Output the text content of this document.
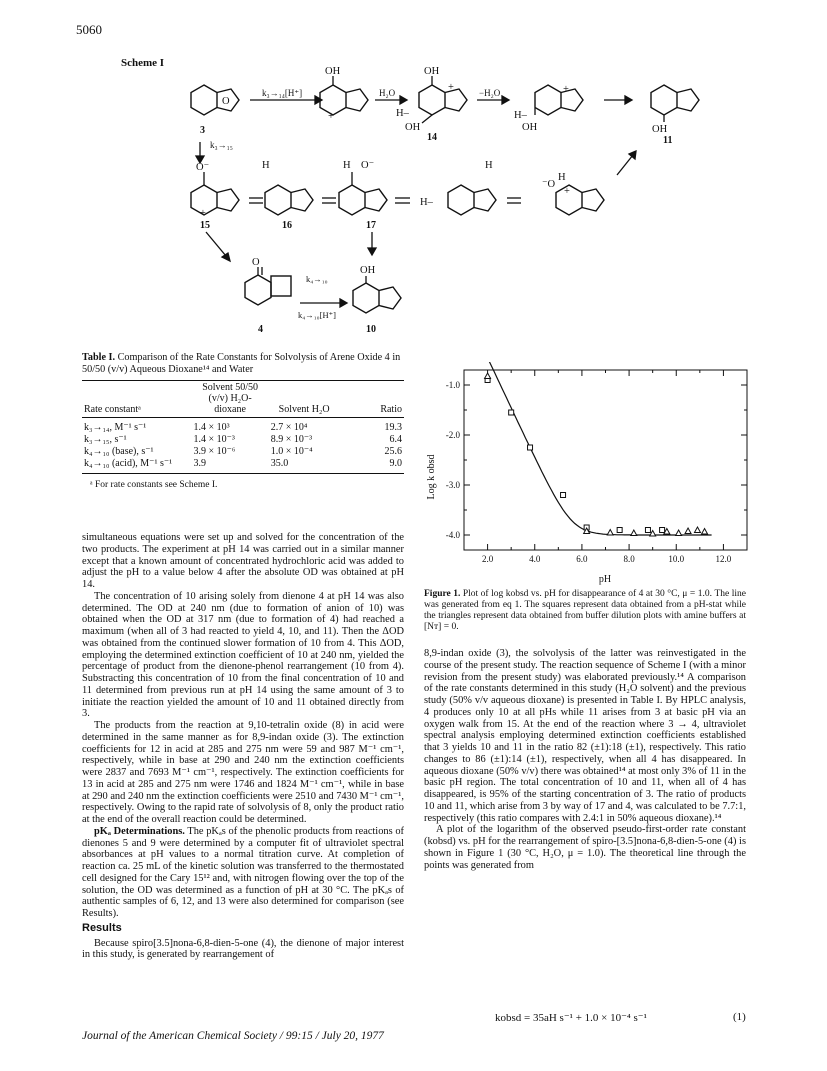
5060
Scheme I
k₃→₁₄[H⁺]	H₂O	−H₂O
k₃→₁₅
k₄→₁₀
k₄→₁₀[H⁺]
OH	OH
OH
H–	H–
OH	OH
O
+
+	+
O⁻	H	H O⁻
H–
H
⁻O
H
+
+
O
OH
3
14	11
15	16	17
4	10
Table I. Comparison of the Rate Constants for Solvolysis of Arene Oxide 4 in 50/50 (v/v) Aqueous Dioxane¹⁴ and Water
Rate constantᵃ	Solvent 50/50 (v/v) H₂O-dioxane	Solvent H₂O	Ratio
k₃→₁₄, M⁻¹ s⁻¹	1.4 × 10³	2.7 × 10⁴	19.3
k₃→₁₅, s⁻¹	1.4 × 10⁻³	8.9 × 10⁻³	6.4
k₄→₁₀ (base), s⁻¹	3.9 × 10⁻⁶	1.0 × 10⁻⁴	25.6
k₄→₁₀ (acid), M⁻¹ s⁻¹	3.9	35.0	9.0
ᵃ For rate constants see Scheme I.

simultaneous equations were set up and solved for the concentration of the two products. The experiment at pH 14 was carried out in a similar manner except that a known amount of concentrated hydrochloric acid was added to adjust the pH to a value below 4 after the absolute OD was obtained at pH 14.

The concentration of 10 arising solely from dienone 4 at pH 14 was also determined. The OD at 240 nm (due to formation of anion of 10) was obtained when the OD at 317 nm (due to formation of 4) had reached a maximum (when all of 3 had reacted to yield 4, 10, and 11). Then the ΔOD was obtained from the continued slower formation of 10 from 4. This ΔOD, employing the determined extinction coefficient of 10 at 240 nm, yielded the percentage of product from the dienone-phenol rearrangement (10 from 4). Substracting this concentration of 10 from the final concentration of 10 and 11 determined from previous run at pH 14 using the same amount of 3 to initiate the reaction yielded the amount of 10 and 11 obtained directly from 3.

The products from the reaction at 9,10-tetralin oxide (8) in acid were determined in the same manner as for 8,9-indan oxide (3). The extinction coefficients for 12 in acid at 285 and 275 nm were 59 and 987 M⁻¹ cm⁻¹, respectively, while in base at 290 and 240 nm the extinction coefficients were 2837 and 7693 M⁻¹ cm⁻¹, respectively. The extinction coefficients for 13 in acid at 285 and 275 nm were 1746 and 1824 M⁻¹ cm⁻¹, while in base at 290 and 240 nm the extinction coefficients were 2510 and 7430 M⁻¹ cm⁻¹, respectively. Owing to the rapid rate of solvolysis of 8, only the product ratio at the end of the overall reaction could be determined.

pKₐ Determinations. The pKₐs of the phenolic products from reactions of dienones 5 and 9 were determined by a computer fit of ultraviolet spectral absorbances at pH values to a normal titration curve. At completion of reaction ca. 25 mL of the kinetic solution was transferred to the thermostated cell designed for the Cary 15¹² and, with nitrogen flowing over the top of the solution, the OD was determined as a function of pH at 30 °C. The pKₐs of authentic samples of 6, 12, and 13 were also determined for comparison (see Results).

Results

Because spiro[3.5]nona-6,8-dien-5-one (4), the dienone of major interest in this study, is generated by rearrangement of

2.0	4.0	6.0	8.0	10.0	12.0
-1.0
-2.0
-3.0
-4.0
Log k obsd
pH
Figure 1. Plot of log kobsd vs. pH for disappearance of 4 at 30 °C, μ = 1.0. The line was generated from eq 1. The squares represent data obtained from a pH-stat while the triangles represent data obtained from buffer dilution plots with amine buffers at [Nᴛ] = 0.

8,9-indan oxide (3), the solvolysis of the latter was reinvestigated in the course of the present study. The reaction sequence of Scheme I (with a minor revision from the present study) was elaborated previously.¹⁴ A comparison of the rate constants determined in this study (H₂O solvent) and the previous study (50% v/v aqueous dioxane) is presented in Table I. By HPLC analysis, 4 produces only 10 at all pHs while 11 arises from 3 at basic pH via an oxygen walk from 15. At the end of the reaction where 3 → 4, ultraviolet spectral analysis employing determined extinction coefficients established that 3 yields 10 and 11 in the ratio 82 (±1):18 (±1), respectively. This ratio changes to 86 (±1):14 (±1), respectively, when all 4 has disappeared. In aqueous dioxane (50% v/v) there was obtained¹⁴ at most only 3% of 11 in the basic pH region. The total concentration of 10 and 11, when all of 4 has disappeared, is 95% of the starting concentration of 3. The ratio of products 10 and 11, which arise from 3 by way of 17 and 4, was calculated to be 7.7:1, respectively (this ratio compares with 2.4:1 in 50% aqueous dioxane).¹⁴

A plot of the logarithm of the observed pseudo-first-order rate constant (kobsd) vs. pH for the rearrangement of spiro-[3.5]nona-6,8-dien-5-one (4) is shown in Figure 1 (30 °C, H₂O, μ = 1.0). The theoretical line through the points was generated from

kobsd = 35aH s⁻¹ + 1.0 × 10⁻⁴ s⁻¹	(1)
Journal of the American Chemical Society / 99:15 / July 20, 1977
